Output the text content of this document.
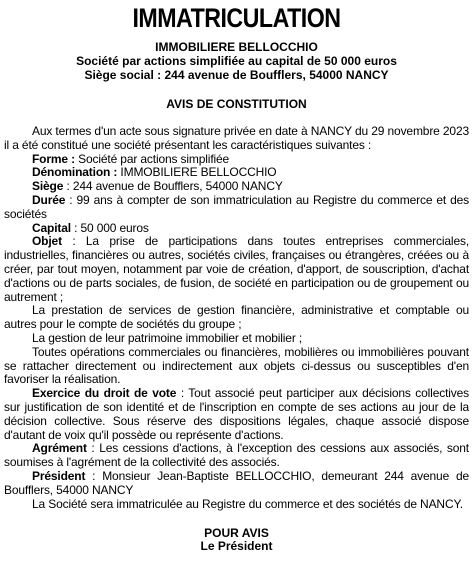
IMMATRICULATION
IMMOBILIERE BELLOCCHIO
Société par actions simplifiée au capital de 50 000 euros
Siège social : 244 avenue de Boufflers, 54000 NANCY
AVIS DE CONSTITUTION

Aux termes d'un acte sous signature privée en date à NANCY du 29 novembre 2023 il a été constitué une société présentant les caractéristiques suivantes :

Forme : Société par actions simplifiée
Dénomination : IMMOBILIERE BELLOCCHIO
Siège : 244 avenue de Boufflers, 54000 NANCY
Durée : 99 ans à compter de son immatriculation au Registre du commerce et des sociétés
Capital : 50 000 euros
Objet : La prise de participations dans toutes entreprises commerciales, industrielles, financières ou autres, sociétés civiles, françaises ou étrangères, créées ou à créer, par tout moyen, notamment par voie de création, d'apport, de souscription, d'achat d'actions ou de parts sociales, de fusion, de société en participation ou de groupement ou autrement ;

La prestation de services de gestion financière, administrative et comptable ou autres pour le compte de sociétés du groupe ;

La gestion de leur patrimoine immobilier et mobilier ;

Toutes opérations commerciales ou financières, mobilières ou immobilières pouvant se rattacher directement ou indirectement aux objets ci-dessus ou susceptibles d'en favoriser la réalisation.

Exercice du droit de vote : Tout associé peut participer aux décisions collectives sur justification de son identité et de l'inscription en compte de ses actions au jour de la décision collective. Sous réserve des dispositions légales, chaque associé dispose d'autant de voix qu'il possède ou représente d'actions.
Agrément : Les cessions d'actions, à l'exception des cessions aux associés, sont soumises à l'agrément de la collectivité des associés.
Président : Monsieur Jean-Baptiste BELLOCCHIO, demeurant 244 avenue de Boufflers, 54000 NANCY

La Société sera immatriculée au Registre du commerce et des sociétés de NANCY.

POUR AVIS
Le Président
